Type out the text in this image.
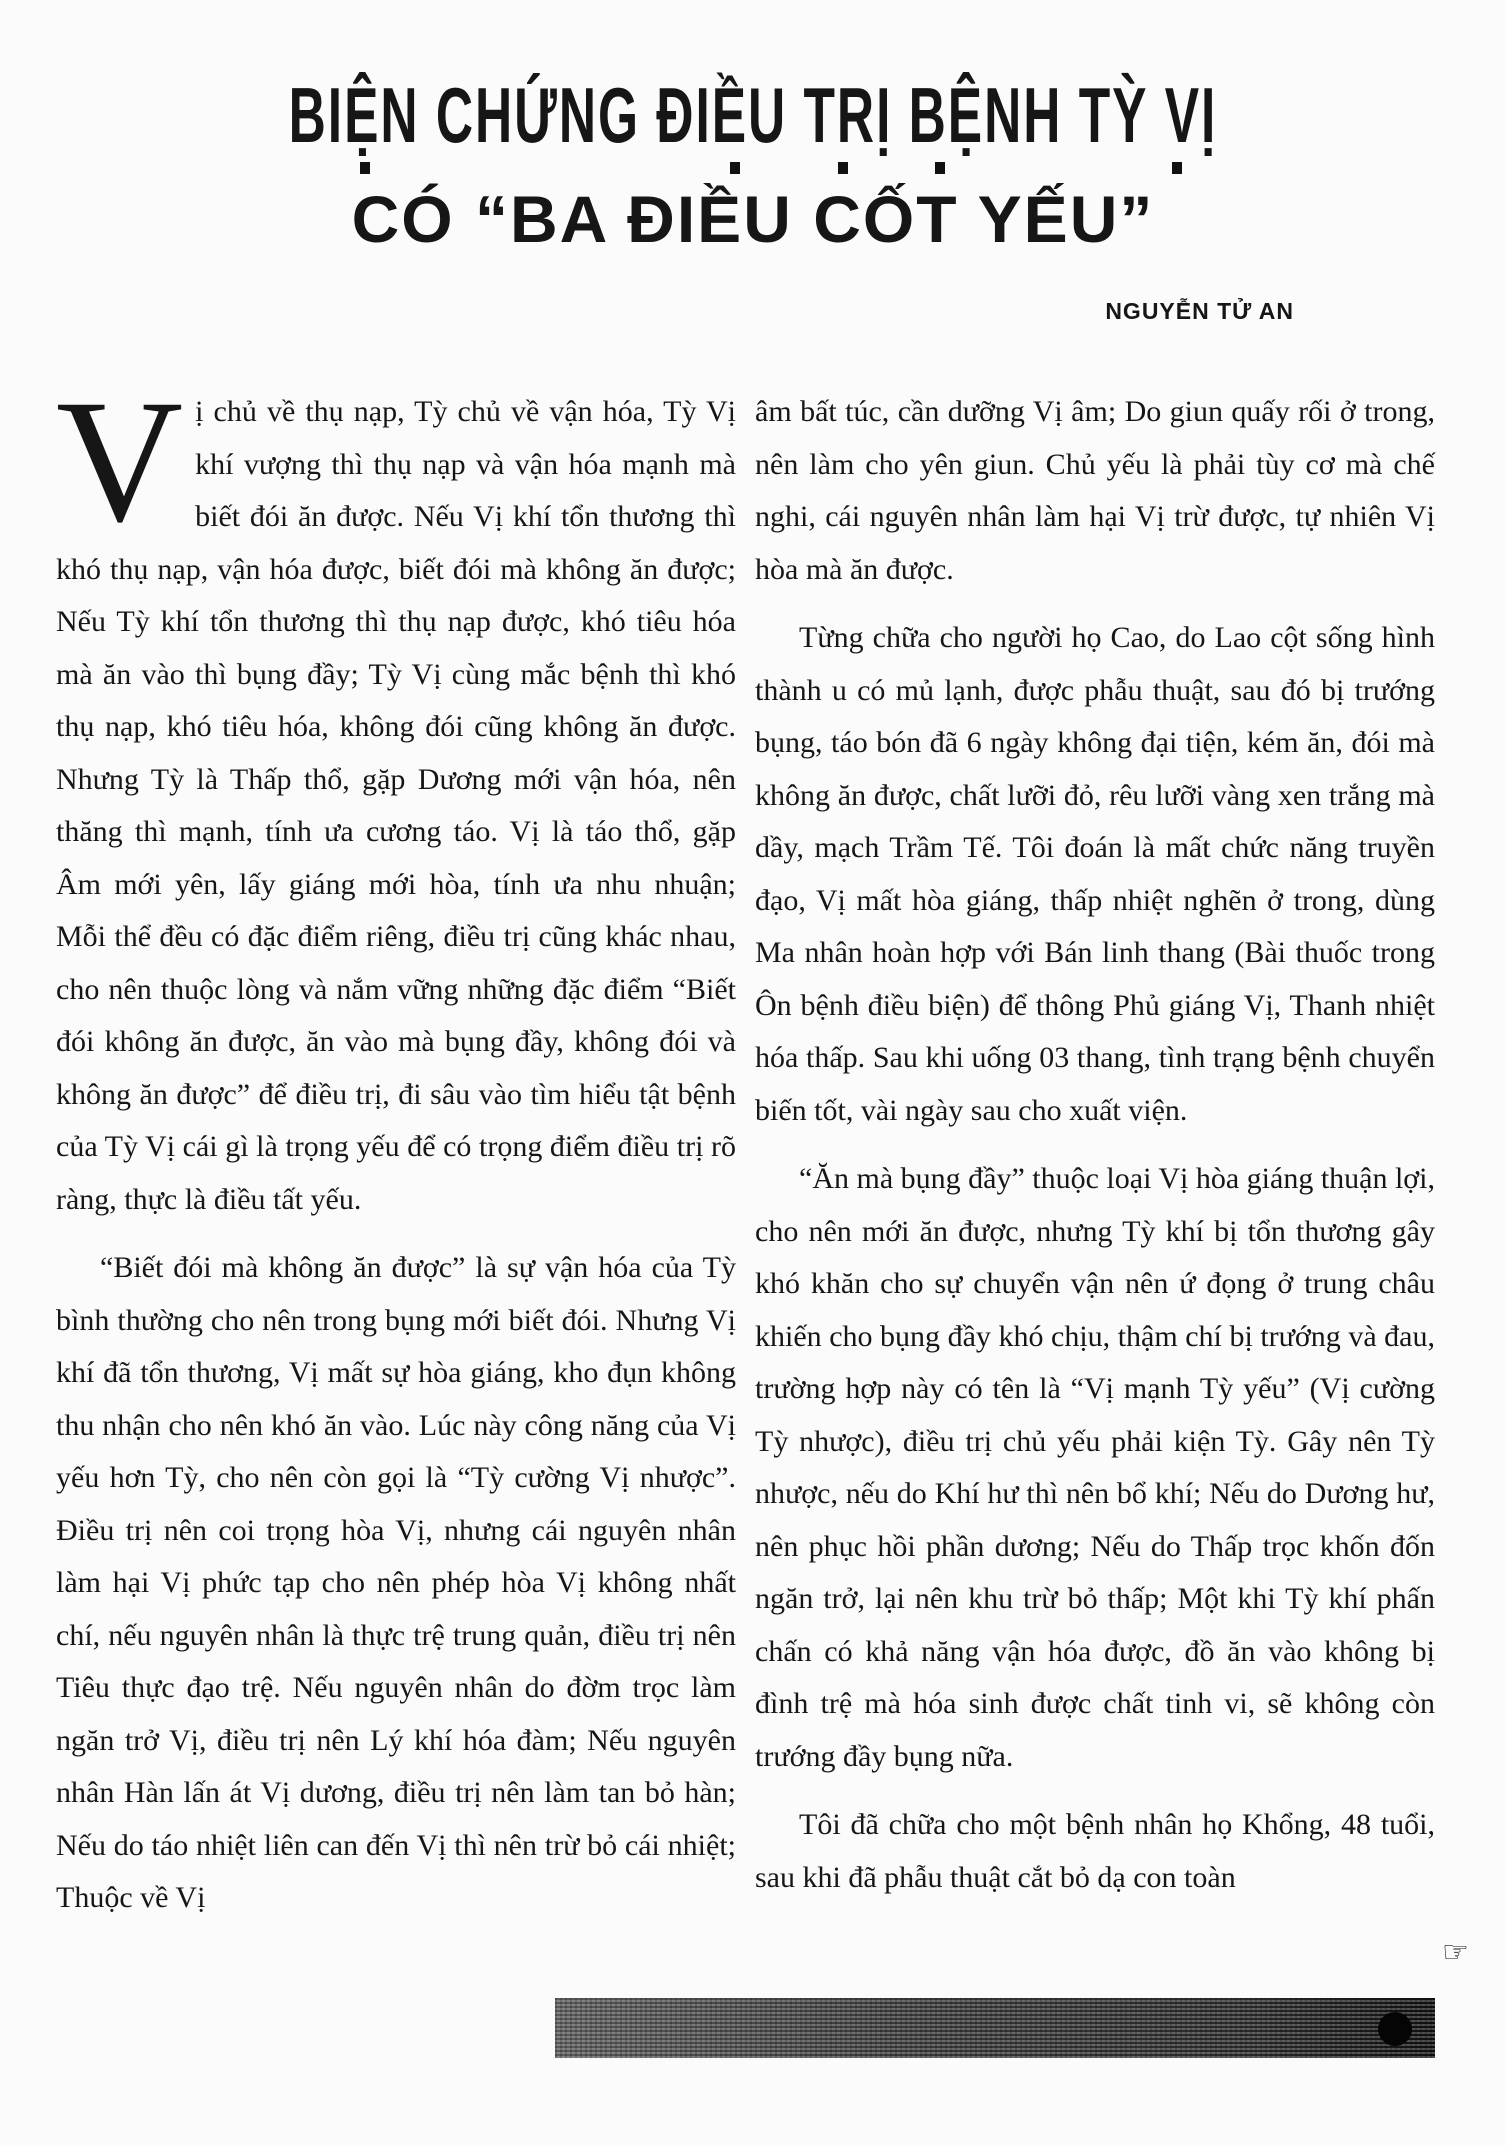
BIỆN CHỨNG ĐIỀU TRỊ BỆNH TỲ VỊ
CÓ “BA ĐIỀU CỐT YẾU”
NGUYỄN TỬ AN

Vị chủ về thụ nạp, Tỳ chủ về vận hóa, Tỳ Vị khí vượng thì thụ nạp và vận hóa mạnh mà biết đói ăn được. Nếu Vị khí tổn thương thì khó thụ nạp, vận hóa được, biết đói mà không ăn được; Nếu Tỳ khí tổn thương thì thụ nạp được, khó tiêu hóa mà ăn vào thì bụng đầy; Tỳ Vị cùng mắc bệnh thì khó thụ nạp, khó tiêu hóa, không đói cũng không ăn được. Nhưng Tỳ là Thấp thổ, gặp Dương mới vận hóa, nên thăng thì mạnh, tính ưa cương táo. Vị là táo thổ, gặp Âm mới yên, lấy giáng mới hòa, tính ưa nhu nhuận; Mỗi thể đều có đặc điểm riêng, điều trị cũng khác nhau, cho nên thuộc lòng và nắm vững những đặc điểm “Biết đói không ăn được, ăn vào mà bụng đầy, không đói và không ăn được” để điều trị, đi sâu vào tìm hiểu tật bệnh của Tỳ Vị cái gì là trọng yếu để có trọng điểm điều trị rõ ràng, thực là điều tất yếu.

“Biết đói mà không ăn được” là sự vận hóa của Tỳ bình thường cho nên trong bụng mới biết đói. Nhưng Vị khí đã tổn thương, Vị mất sự hòa giáng, kho đụn không thu nhận cho nên khó ăn vào. Lúc này công năng của Vị yếu hơn Tỳ, cho nên còn gọi là “Tỳ cường Vị nhược”. Điều trị nên coi trọng hòa Vị, nhưng cái nguyên nhân làm hại Vị phức tạp cho nên phép hòa Vị không nhất chí, nếu nguyên nhân là thực trệ trung quản, điều trị nên Tiêu thực đạo trệ. Nếu nguyên nhân do đờm trọc làm ngăn trở Vị, điều trị nên Lý khí hóa đàm; Nếu nguyên nhân Hàn lấn át Vị dương, điều trị nên làm tan bỏ hàn; Nếu do táo nhiệt liên can đến Vị thì nên trừ bỏ cái nhiệt; Thuộc về Vị

âm bất túc, cần dưỡng Vị âm; Do giun quấy rối ở trong, nên làm cho yên giun. Chủ yếu là phải tùy cơ mà chế nghi, cái nguyên nhân làm hại Vị trừ được, tự nhiên Vị hòa mà ăn được.

Từng chữa cho người họ Cao, do Lao cột sống hình thành u có mủ lạnh, được phẫu thuật, sau đó bị trướng bụng, táo bón đã 6 ngày không đại tiện, kém ăn, đói mà không ăn được, chất lưỡi đỏ, rêu lưỡi vàng xen trắng mà dầy, mạch Trầm Tế. Tôi đoán là mất chức năng truyền đạo, Vị mất hòa giáng, thấp nhiệt nghẽn ở trong, dùng Ma nhân hoàn hợp với Bán linh thang (Bài thuốc trong Ôn bệnh điều biện) để thông Phủ giáng Vị, Thanh nhiệt hóa thấp. Sau khi uống 03 thang, tình trạng bệnh chuyển biến tốt, vài ngày sau cho xuất viện.

“Ăn mà bụng đầy” thuộc loại Vị hòa giáng thuận lợi, cho nên mới ăn được, nhưng Tỳ khí bị tổn thương gây khó khăn cho sự chuyển vận nên ứ đọng ở trung châu khiến cho bụng đầy khó chịu, thậm chí bị trướng và đau, trường hợp này có tên là “Vị mạnh Tỳ yếu” (Vị cường Tỳ nhược), điều trị chủ yếu phải kiện Tỳ. Gây nên Tỳ nhược, nếu do Khí hư thì nên bổ khí; Nếu do Dương hư, nên phục hồi phần dương; Nếu do Thấp trọc khốn đốn ngăn trở, lại nên khu trừ bỏ thấp; Một khi Tỳ khí phấn chấn có khả năng vận hóa được, đồ ăn vào không bị đình trệ mà hóa sinh được chất tinh vi, sẽ không còn trướng đầy bụng nữa.

Tôi đã chữa cho một bệnh nhân họ Khổng, 48 tuổi, sau khi đã phẫu thuật cắt bỏ dạ con toàn

☞
